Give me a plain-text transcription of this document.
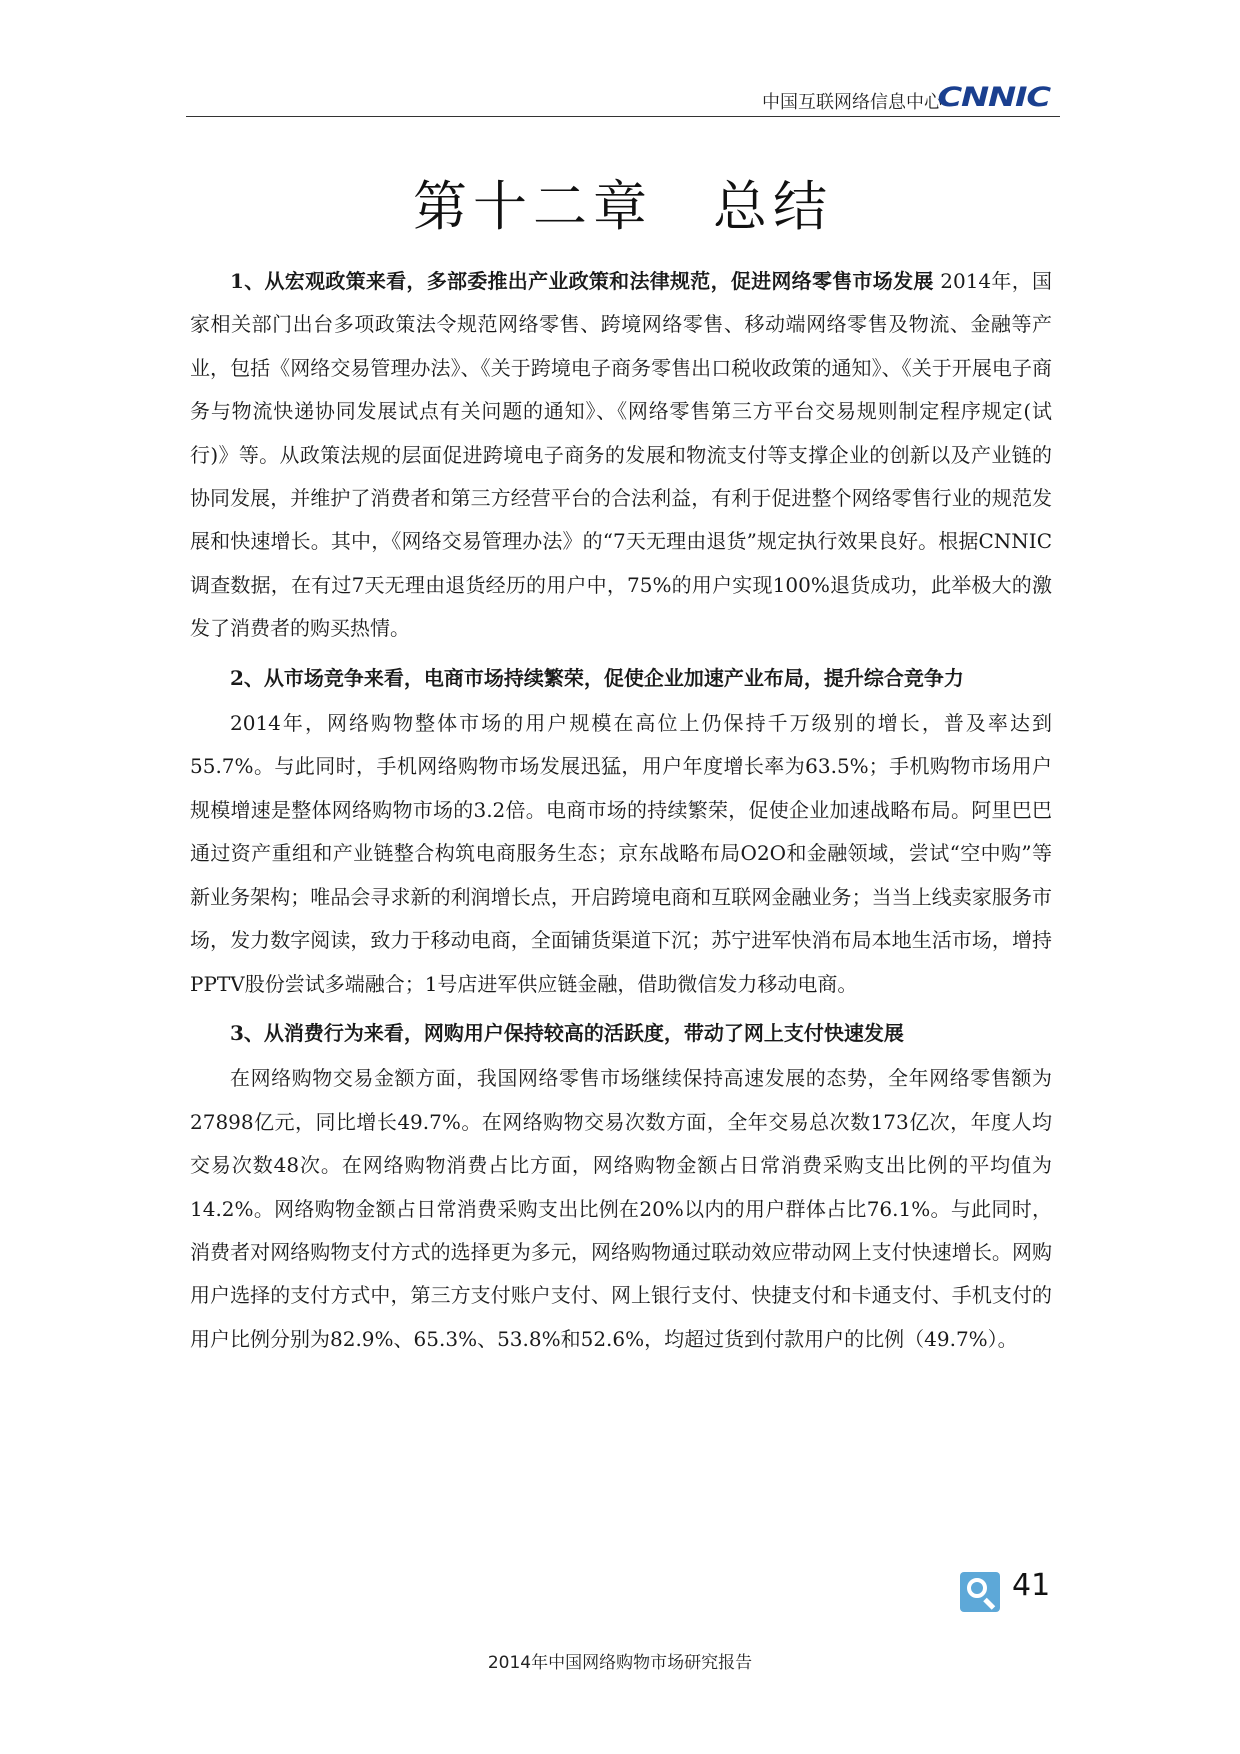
中国互联网络信息中心
CNNIC
第十二章　总结

1、从宏观政策来看，多部委推出产业政策和法律规范，促进网络零售市场发展 2014年，国家相关部门出台多项政策法令规范网络零售、跨境网络零售、移动端网络零售及物流、金融等产业，包括《网络交易管理办法》、《关于跨境电子商务零售出口税收政策的通知》、《关于开展电子商务与物流快递协同发展试点有关问题的通知》、《网络零售第三方平台交易规则制定程序规定(试行)》等。从政策法规的层面促进跨境电子商务的发展和物流支付等支撑企业的创新以及产业链的协同发展，并维护了消费者和第三方经营平台的合法利益，有利于促进整个网络零售行业的规范发展和快速增长。其中，《网络交易管理办法》的“7天无理由退货”规定执行效果良好。根据CNNIC调查数据，在有过7天无理由退货经历的用户中，75%的用户实现100%退货成功，此举极大的激发了消费者的购买热情。

2、从市场竞争来看，电商市场持续繁荣，促使企业加速产业布局，提升综合竞争力

2014年，网络购物整体市场的用户规模在高位上仍保持千万级别的增长，普及率达到55.7%。与此同时，手机网络购物市场发展迅猛，用户年度增长率为63.5%；手机购物市场用户规模增速是整体网络购物市场的3.2倍。电商市场的持续繁荣，促使企业加速战略布局。阿里巴巴通过资产重组和产业链整合构筑电商服务生态；京东战略布局O2O和金融领域，尝试“空中购”等新业务架构；唯品会寻求新的利润增长点，开启跨境电商和互联网金融业务；当当上线卖家服务市场，发力数字阅读，致力于移动电商，全面铺货渠道下沉；苏宁进军快消布局本地生活市场，增持PPTV股份尝试多端融合；1号店进军供应链金融，借助微信发力移动电商。

3、从消费行为来看，网购用户保持较高的活跃度，带动了网上支付快速发展

在网络购物交易金额方面，我国网络零售市场继续保持高速发展的态势，全年网络零售额为27898亿元，同比增长49.7%。在网络购物交易次数方面，全年交易总次数173亿次，年度人均交易次数48次。在网络购物消费占比方面，网络购物金额占日常消费采购支出比例的平均值为14.2%。网络购物金额占日常消费采购支出比例在20%以内的用户群体占比76.1%。与此同时，消费者对网络购物支付方式的选择更为多元，网络购物通过联动效应带动网上支付快速增长。网购用户选择的支付方式中，第三方支付账户支付、网上银行支付、快捷支付和卡通支付、手机支付的用户比例分别为82.9%、65.3%、53.8%和52.6%，均超过货到付款用户的比例（49.7%）。

41
2014年中国网络购物市场研究报告
